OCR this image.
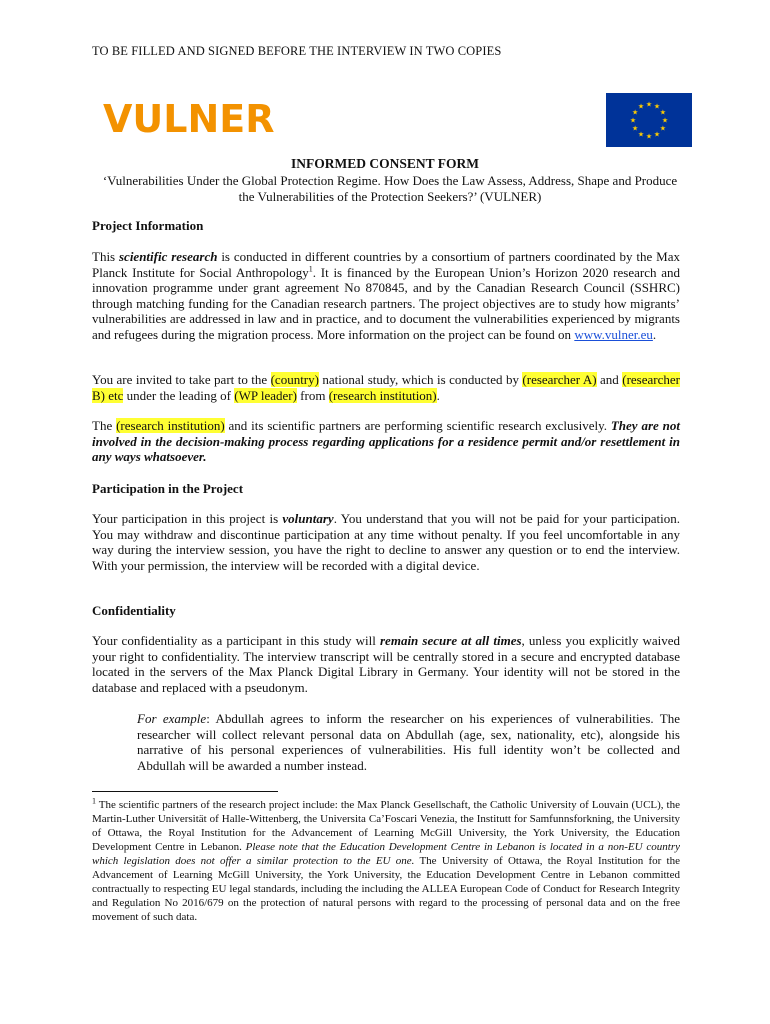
TO BE FILLED AND SIGNED BEFORE THE INTERVIEW IN TWO COPIES
VULNER	★ ★
★
★
★
★
★
★
★
★
★
★
INFORMED CONSENT FORM
‘Vulnerabilities Under the Global Protection Regime. How Does the Law Assess, Address, Shape and Produce the Vulnerabilities of the Protection Seekers?’ (VULNER)
Project Information
This scientific research is conducted in different countries by a consortium of partners coordinated by the Max Planck Institute for Social Anthropology$^1$. It is financed by the European Union’s Horizon 2020 research and innovation programme under grant agreement No 870845, and by the Canadian Research Council (SSHRC) through matching funding for the Canadian research partners. The project objectives are to study how migrants’ vulnerabilities are addressed in law and in practice, and to document the vulnerabilities experienced by migrants and refugees during the migration process. More information on the project can be found on www.vulner.eu.
You are invited to take part to the (country) national study, which is conducted by (researcher A) and (researcher B) etc under the leading of (WP leader) from (research institution).
The (research institution) and its scientific partners are performing scientific research exclusively. They are not involved in the decision-making process regarding applications for a residence permit and/or resettlement in any ways whatsoever.
Participation in the Project
Your participation in this project is voluntary. You understand that you will not be paid for your participation. You may withdraw and discontinue participation at any time without penalty. If you feel uncomfortable in any way during the interview session, you have the right to decline to answer any question or to end the interview. With your permission, the interview will be recorded with a digital device.
Confidentiality
Your confidentiality as a participant in this study will remain secure at all times, unless you explicitly waived your right to confidentiality. The interview transcript will be centrally stored in a secure and encrypted database located in the servers of the Max Planck Digital Library in Germany. Your identity will not be stored in the database and replaced with a pseudonym.
For example: Abdullah agrees to inform the researcher on his experiences of vulnerabilities. The researcher will collect relevant personal data on Abdullah (age, sex, nationality, etc), alongside his narrative of his personal experiences of vulnerabilities. His full identity won’t be collected and Abdullah will be awarded a number instead.
$^1$ The scientific partners of the research project include: the Max Planck Gesellschaft, the Catholic University of Louvain (UCL), the Martin-Luther Universität of Halle-Wittenberg, the Universita Ca’Foscari Venezia, the Institutt for Samfunnsforkning, the University of Ottawa, the Royal Institution for the Advancement of Learning McGill University, the York University, the Education Development Centre in Lebanon. Please note that the Education Development Centre in Lebanon is located in a non-EU country which legislation does not offer a similar protection to the EU one. The University of Ottawa, the Royal Institution for the Advancement of Learning McGill University, the York University, the Education Development Centre in Lebanon committed contractually to respecting EU legal standards, including the including the ALLEA European Code of Conduct for Research Integrity and Regulation No 2016/679 on the protection of natural persons with regard to the processing of personal data and on the free movement of such data.
